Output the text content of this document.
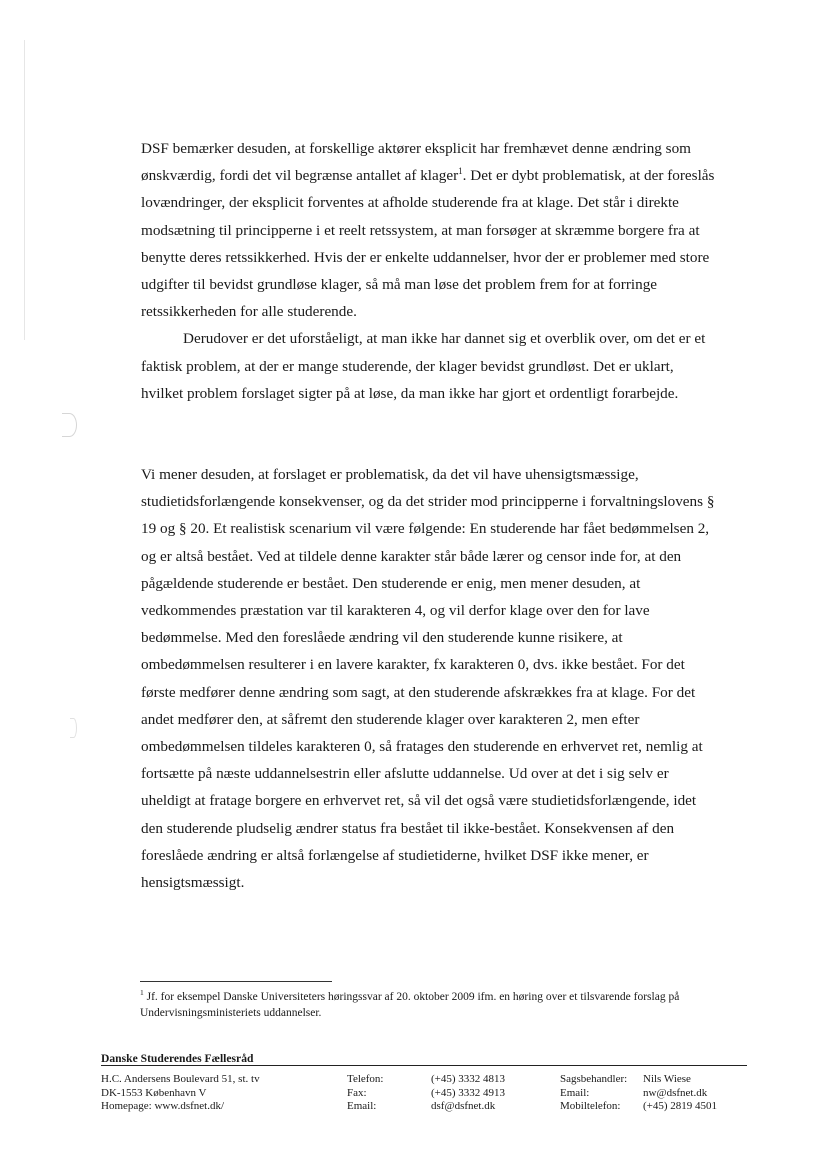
DSF bemærker desuden, at forskellige aktører eksplicit har fremhævet denne ændring som ønskværdig, fordi det vil begrænse antallet af klager$^1$. Det er dybt problematisk, at der foreslås lovændringer, der eksplicit forventes at afholde studerende fra at klage. Det står i direkte modsætning til principperne i et reelt retssystem, at man forsøger at skræmme borgere fra at benytte deres retssikkerhed. Hvis der er enkelte uddannelser, hvor der er problemer med store udgifter til bevidst grundløse klager, så må man løse det problem frem for at forringe retssikkerheden for alle studerende.

Derudover er det uforståeligt, at man ikke har dannet sig et overblik over, om det er et faktisk problem, at der er mange studerende, der klager bevidst grundløst. Det er uklart, hvilket problem forslaget sigter på at løse, da man ikke har gjort et ordentligt forarbejde.

Vi mener desuden, at forslaget er problematisk, da det vil have uhensigtsmæssige, studietidsforlængende konsekvenser, og da det strider mod principperne i forvaltningslovens § 19 og § 20. Et realistisk scenarium vil være følgende: En studerende har fået bedømmelsen 2, og er altså bestået. Ved at tildele denne karakter står både lærer og censor inde for, at den pågældende studerende er bestået. Den studerende er enig, men mener desuden, at vedkommendes præstation var til karakteren 4, og vil derfor klage over den for lave bedømmelse. Med den foreslåede ændring vil den studerende kunne risikere, at ombedømmelsen resulterer i en lavere karakter, fx karakteren 0, dvs. ikke bestået. For det første medfører denne ændring som sagt, at den studerende afskrækkes fra at klage. For det andet medfører den, at såfremt den studerende klager over karakteren 2, men efter ombedømmelsen tildeles karakteren 0, så fratages den studerende en erhvervet ret, nemlig at fortsætte på næste uddannelsestrin eller afslutte uddannelse. Ud over at det i sig selv er uheldigt at fratage borgere en erhvervet ret, så vil det også være studietidsforlængende, idet den studerende pludselig ændrer status fra bestået til ikke-bestået. Konsekvensen af den foreslåede ændring er altså forlængelse af studietiderne, hvilket DSF ikke mener, er hensigtsmæssigt.

$^1$ Jf. for eksempel Danske Universiteters høringssvar af 20. oktober 2009 ifm. en høring over et tilsvarende forslag på Undervisningsministeriets uddannelser.
Danske Studerendes Fællesråd
H.C. Andersens Boulevard 51, st. tv
DK-1553 København V
Homepage: www.dsfnet.dk/
Telefon:
Fax:
Email:
(+45) 3332 4813
(+45) 3332 4913
dsf@dsfnet.dk
Sagsbehandler:
Email:
Mobiltelefon:
Nils Wiese
nw@dsfnet.dk
(+45) 2819 4501
